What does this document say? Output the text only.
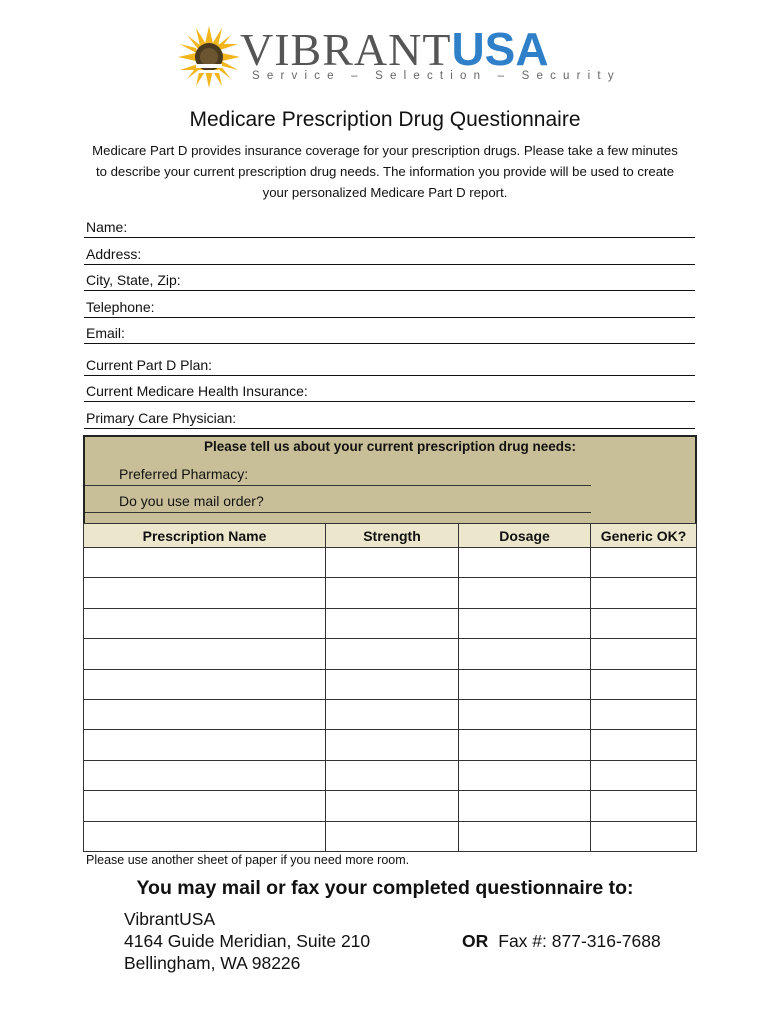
VIBRANTUSA
Service – Selection – Security
Medicare Prescription Drug Questionnaire
Medicare Part D provides insurance coverage for your prescription drugs. Please take a few minutes to describe your current prescription drug needs. The information you provide will be used to create your personalized Medicare Part D report.
Name:
Address:
City, State, Zip:
Telephone:
Email:
Current Part D Plan:
Current Medicare Health Insurance:
Primary Care Physician:
Please tell us about your current prescription drug needs:
Preferred Pharmacy:
Do you use mail order?
Prescription Name	Strength	Dosage	Generic OK?

Please use another sheet of paper if you need more room.
You may mail or fax your completed questionnaire to:
VibrantUSA
4164 Guide Meridian, Suite 210
Bellingham, WA 98226
OR Fax #: 877-316-7688
